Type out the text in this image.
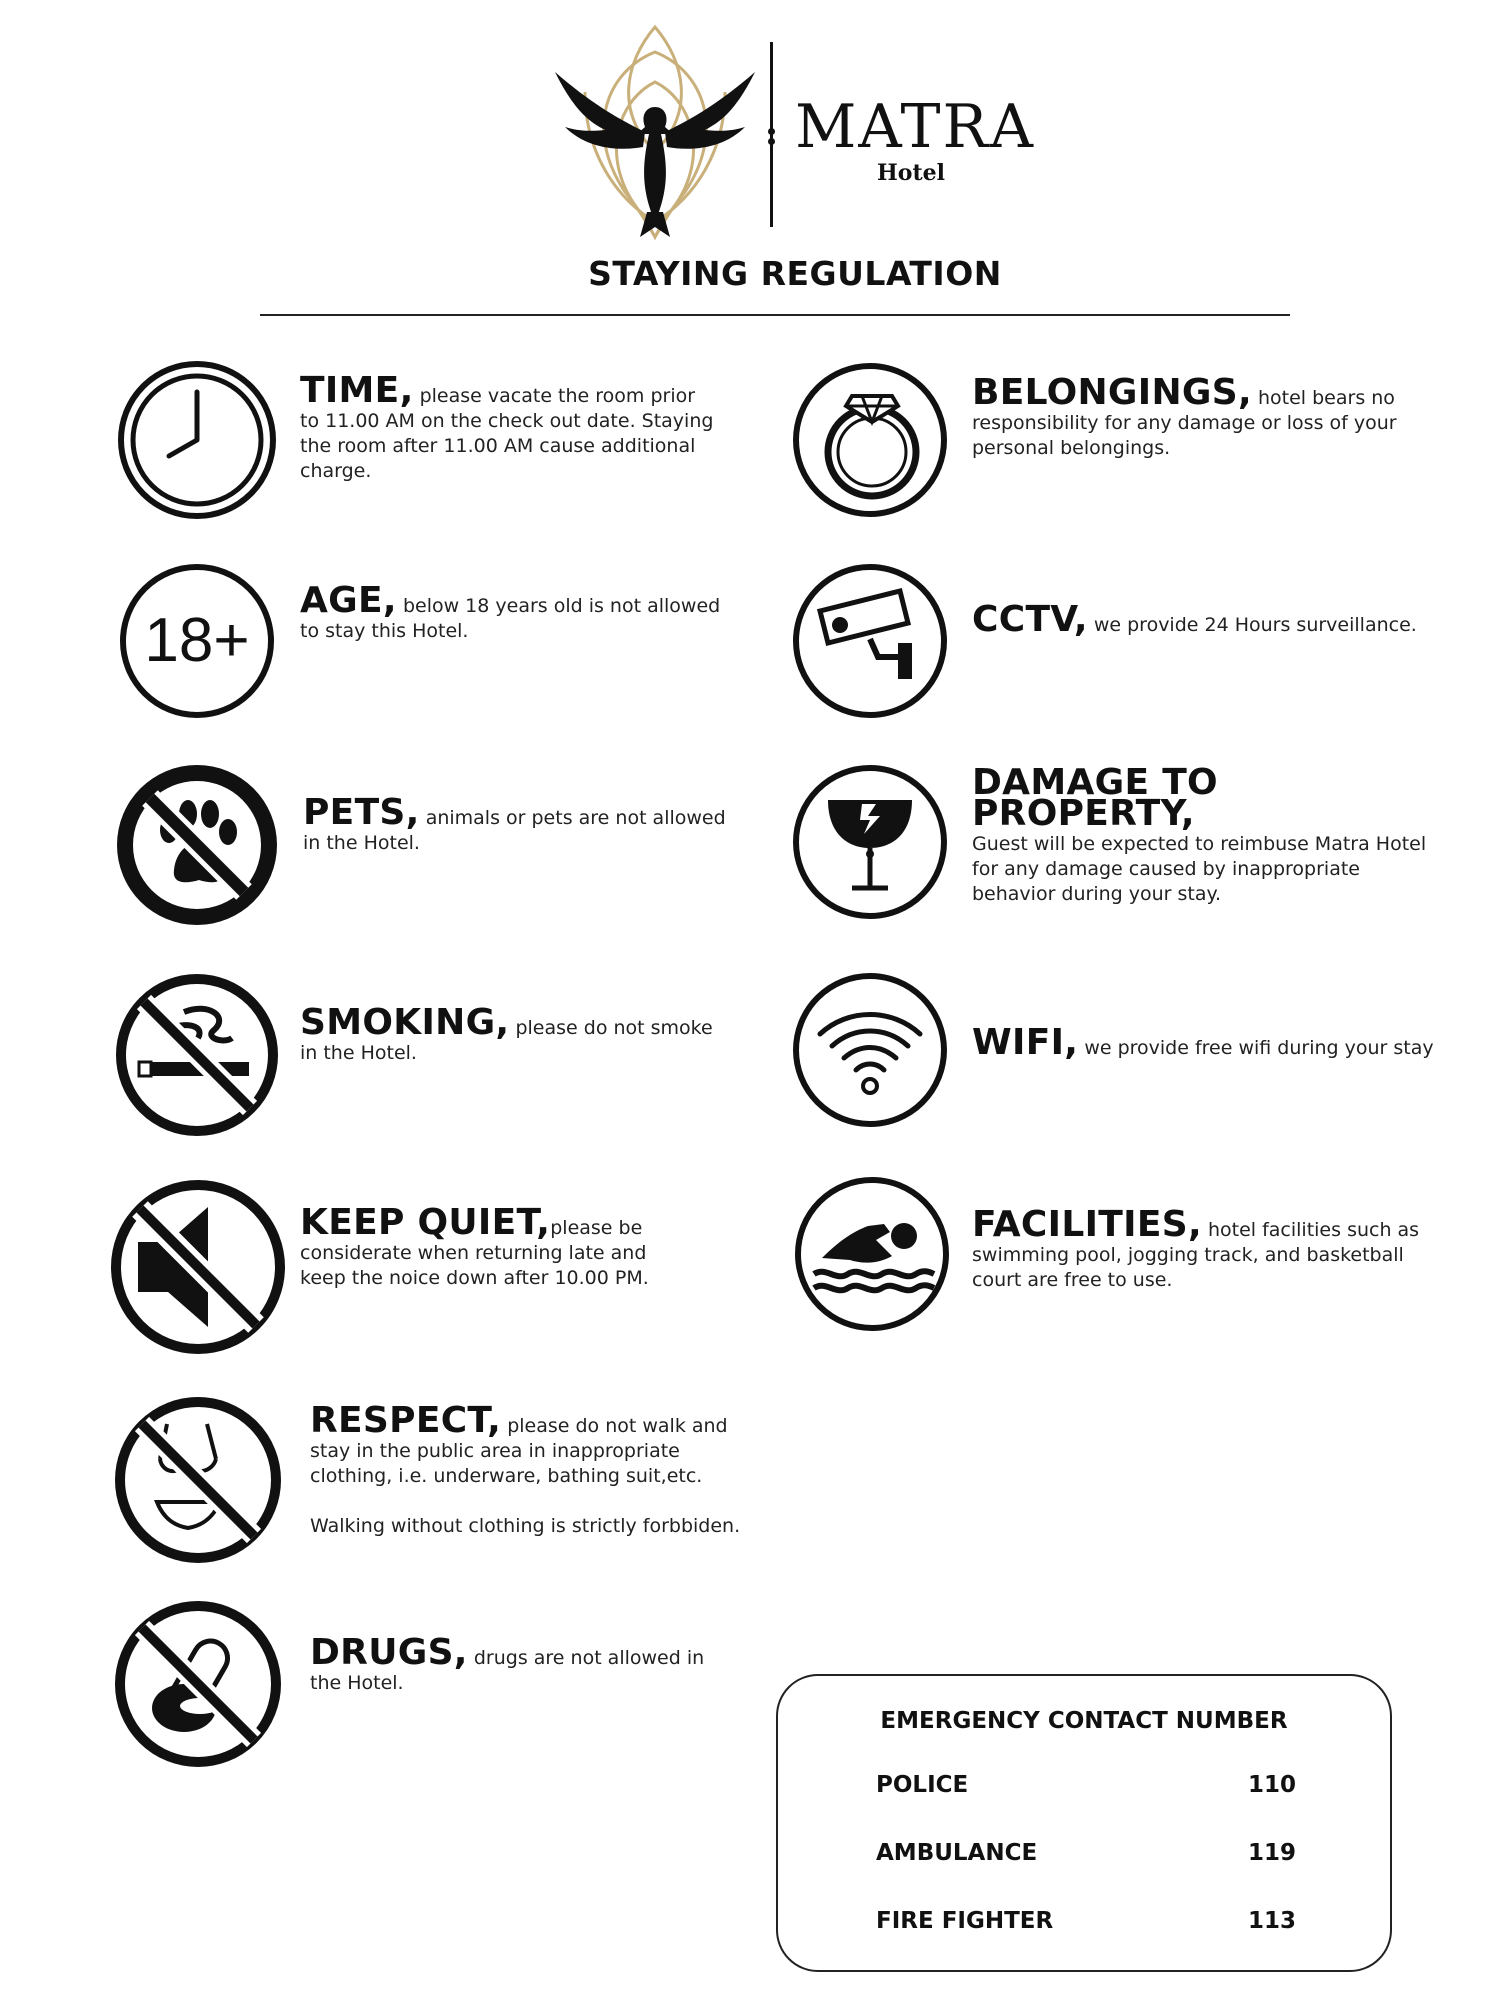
MATRA
Hotel
STAYING REGULATION
TIME, please vacate the room prior
to 11.00 AM on the check out date. Staying
the room after 11.00 AM cause additional
charge.
18+
AGE, below 18 years old is not allowed
to stay this Hotel.
PETS, animals or pets are not allowed
in the Hotel.
SMOKING, please do not smoke
in the Hotel.
KEEP QUIET,please be
considerate when returning late and
keep the noice down after 10.00 PM.
RESPECT, please do not walk and
stay in the public area in inappropriate
clothing, i.e. underware, bathing suit,etc.
Walking without clothing is strictly forbbiden.
DRUGS, drugs are not allowed in
the Hotel.
BELONGINGS, hotel bears no
responsibility for any damage or loss of your
personal belongings.
CCTV, we provide 24 Hours surveillance.
DAMAGE TO PROPERTY,
Guest will be expected to reimbuse Matra Hotel
for any damage caused by inappropriate
behavior during your stay.
WIFI, we provide free wifi during your stay
FACILITIES, hotel facilities such as
swimming pool, jogging track, and basketball
court are free to use.
EMERGENCY CONTACT NUMBER
POLICE	110
AMBULANCE	119
FIRE FIGHTER	113
